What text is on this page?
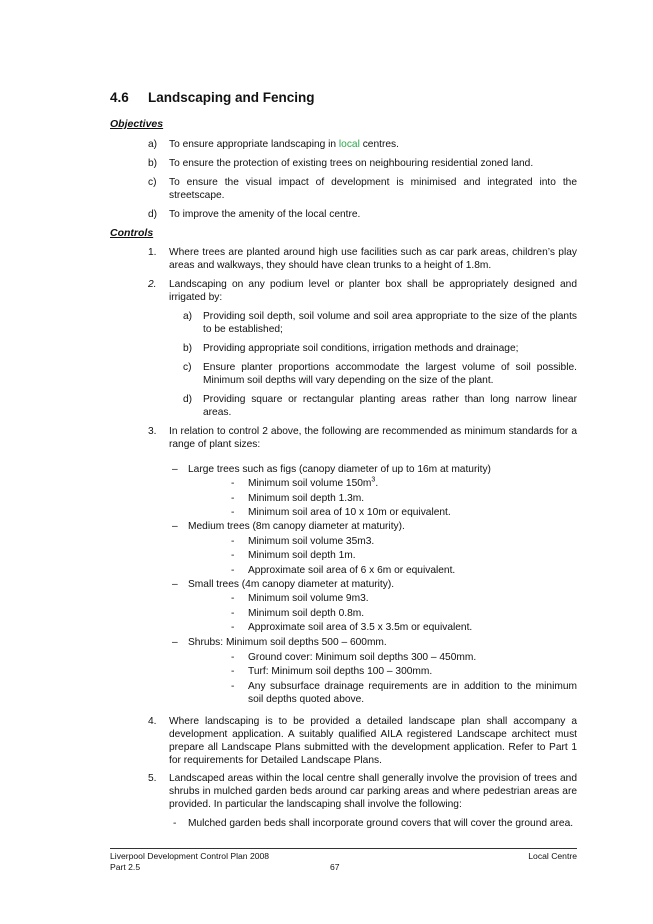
4.6 Landscaping and Fencing
Objectives
a) To ensure appropriate landscaping in local centres.
b) To ensure the protection of existing trees on neighbouring residential zoned land.
c) To ensure the visual impact of development is minimised and integrated into the streetscape.
d) To improve the amenity of the local centre.
Controls
1. Where trees are planted around high use facilities such as car park areas, children’s play areas and walkways, they should have clean trunks to a height of 1.8m.
2. Landscaping on any podium level or planter box shall be appropriately designed and irrigated by:
a) Providing soil depth, soil volume and soil area appropriate to the size of the plants to be established;
b) Providing appropriate soil conditions, irrigation methods and drainage;
c) Ensure planter proportions accommodate the largest volume of soil possible. Minimum soil depths will vary depending on the size of the plant.
d) Providing square or rectangular planting areas rather than long narrow linear areas.
3. In relation to control 2 above, the following are recommended as minimum standards for a range of plant sizes:
– Large trees such as figs (canopy diameter of up to 16m at maturity)
- Minimum soil volume $150m^3$.
- Minimum soil depth 1.3m.
- Minimum soil area of 10 x 10m or equivalent.
– Medium trees (8m canopy diameter at maturity).
- Minimum soil volume 35m3.
- Minimum soil depth 1m.
- Approximate soil area of 6 x 6m or equivalent.
– Small trees (4m canopy diameter at maturity).
- Minimum soil volume 9m3.
- Minimum soil depth 0.8m.
- Approximate soil area of 3.5 x 3.5m or equivalent.
– Shrubs: Minimum soil depths 500 – 600mm.
- Ground cover: Minimum soil depths 300 – 450mm.
- Turf: Minimum soil depths 100 – 300mm.
- Any subsurface drainage requirements are in addition to the minimum soil depths quoted above.
4. Where landscaping is to be provided a detailed landscape plan shall accompany a development application. A suitably qualified AILA registered Landscape architect must prepare all Landscape Plans submitted with the development application. Refer to Part 1 for requirements for Detailed Landscape Plans.
5. Landscaped areas within the local centre shall generally involve the provision of trees and shrubs in mulched garden beds around car parking areas and where pedestrian areas are provided. In particular the landscaping shall involve the following:
- Mulched garden beds shall incorporate ground covers that will cover the ground area.
Liverpool Development Control Plan 2008
Part 2.5	67
Local Centre
